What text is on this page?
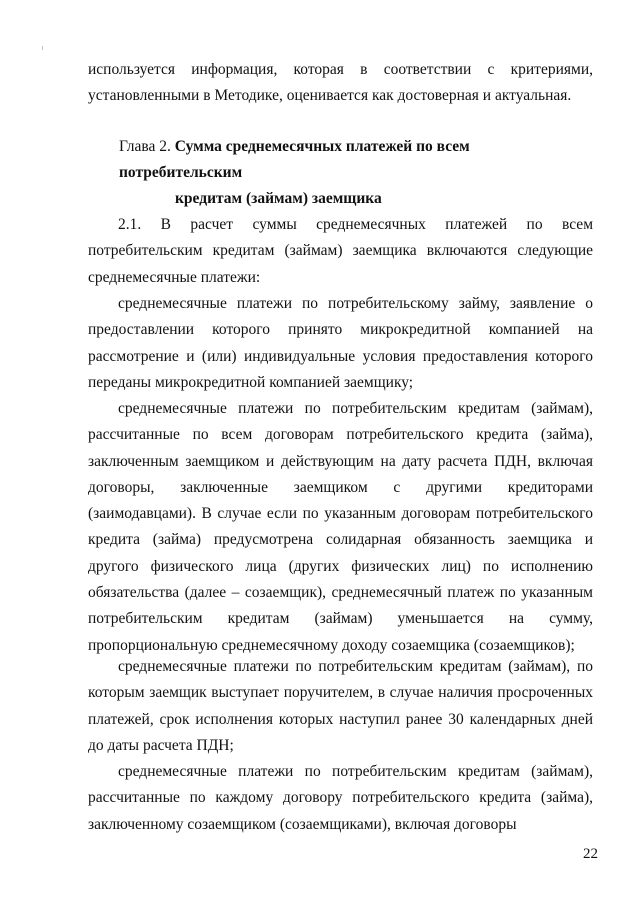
используется информация, которая в соответствии с критериями, установленными в Методике, оценивается как достоверная и актуальная.

Глава 2. Сумма среднемесячных платежей по всем потребительским
кредитам (займам) заемщика

2.1. В расчет суммы среднемесячных платежей по всем потребительским кредитам (займам) заемщика включаются следующие среднемесячные платежи:

среднемесячные платежи по потребительскому займу, заявление о предоставлении которого принято микрокредитной компанией на рассмотрение и (или) индивидуальные условия предоставления которого переданы микрокредитной компанией заемщику;

среднемесячные платежи по потребительским кредитам (займам), рассчитанные по всем договорам потребительского кредита (займа), заключенным заемщиком и действующим на дату расчета ПДН, включая договоры, заключенные заемщиком с другими кредиторами (заимодавцами). В случае если по указанным договорам потребительского кредита (займа) предусмотрена солидарная обязанность заемщика и другого физического лица (других физических лиц) по исполнению обязательства (далее – созаемщик), среднемесячный платеж по указанным потребительским кредитам (займам) уменьшается на сумму, пропорциональную среднемесячному доходу созаемщика (созаемщиков);

среднемесячные платежи по потребительским кредитам (займам), по которым заемщик выступает поручителем, в случае наличия просроченных платежей, срок исполнения которых наступил ранее 30 календарных дней до даты расчета ПДН;

среднемесячные платежи по потребительским кредитам (займам), рассчитанные по каждому договору потребительского кредита (займа), заключенному созаемщиком (созаемщиками), включая договоры

22
